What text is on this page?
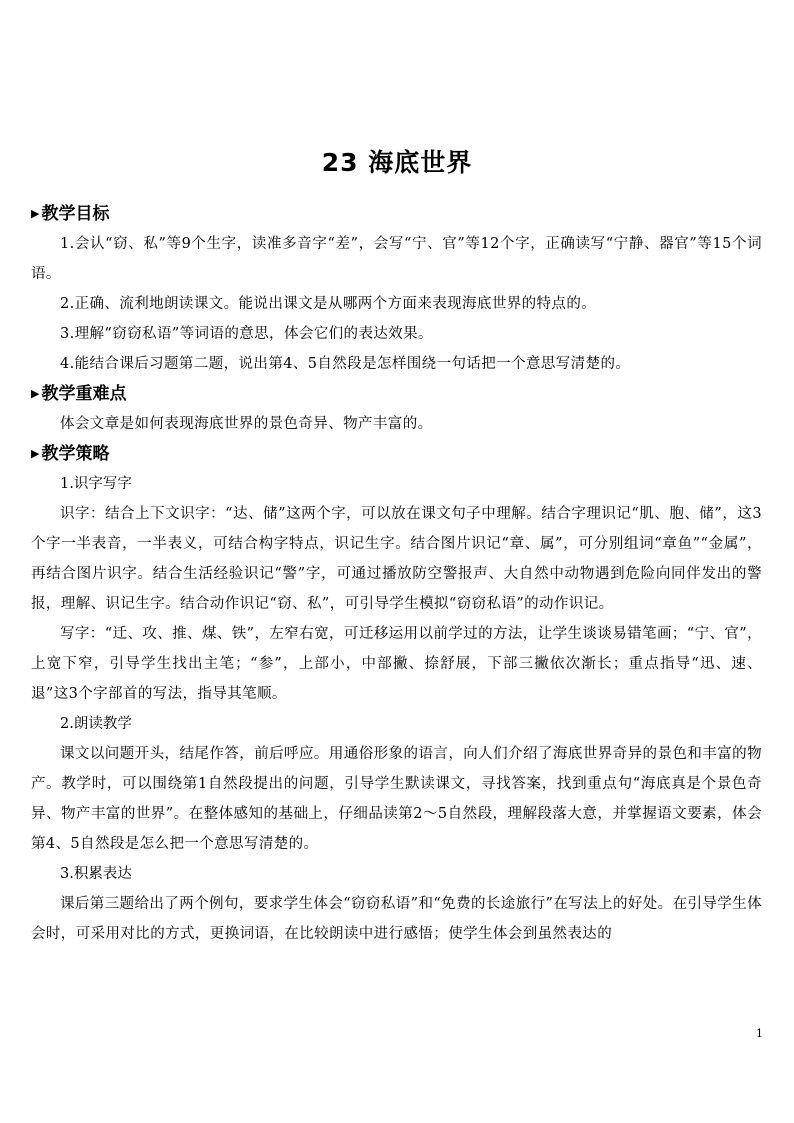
23 海底世界
▶ 教学目标

1.会认“窃、私”等9个生字，读准多音字“差”，会写“宁、官”等12个字，正确读写“宁静、器官”等15个词语。

2.正确、流利地朗读课文。能说出课文是从哪两个方面来表现海底世界的特点的。

3.理解“窃窃私语”等词语的意思，体会它们的表达效果。

4.能结合课后习题第二题，说出第4、5自然段是怎样围绕一句话把一个意思写清楚的。

▶ 教学重难点

体会文章是如何表现海底世界的景色奇异、物产丰富的。

▶ 教学策略

1.识字写字

识字：结合上下文识字：“达、储”这两个字，可以放在课文句子中理解。结合字理识记“肌、胞、储”，这3个字一半表音，一半表义，可结合构字特点，识记生字。结合图片识记“章、属”，可分别组词“章鱼”“金属”，再结合图片识字。结合生活经验识记“警”字，可通过播放防空警报声、大自然中动物遇到危险向同伴发出的警报，理解、识记生字。结合动作识记“窃、私”，可引导学生模拟“窃窃私语”的动作识记。

写字：“迁、攻、推、煤、铁”，左窄右宽，可迁移运用以前学过的方法，让学生谈谈易错笔画；“宁、官”，上宽下窄，引导学生找出主笔；“参”，上部小，中部撇、捺舒展，下部三撇依次渐长；重点指导“迅、速、退”这3个字部首的写法，指导其笔顺。

2.朗读教学

课文以问题开头，结尾作答，前后呼应。用通俗形象的语言，向人们介绍了海底世界奇异的景色和丰富的物产。教学时，可以围绕第1自然段提出的问题，引导学生默读课文，寻找答案，找到重点句“海底真是个景色奇异、物产丰富的世界”。在整体感知的基础上，仔细品读第2～5自然段，理解段落大意，并掌握语文要素，体会第4、5自然段是怎么把一个意思写清楚的。

3.积累表达

课后第三题给出了两个例句，要求学生体会“窃窃私语”和“免费的长途旅行”在写法上的好处。在引导学生体会时，可采用对比的方式，更换词语，在比较朗读中进行感悟；使学生体会到虽然表达的

1
